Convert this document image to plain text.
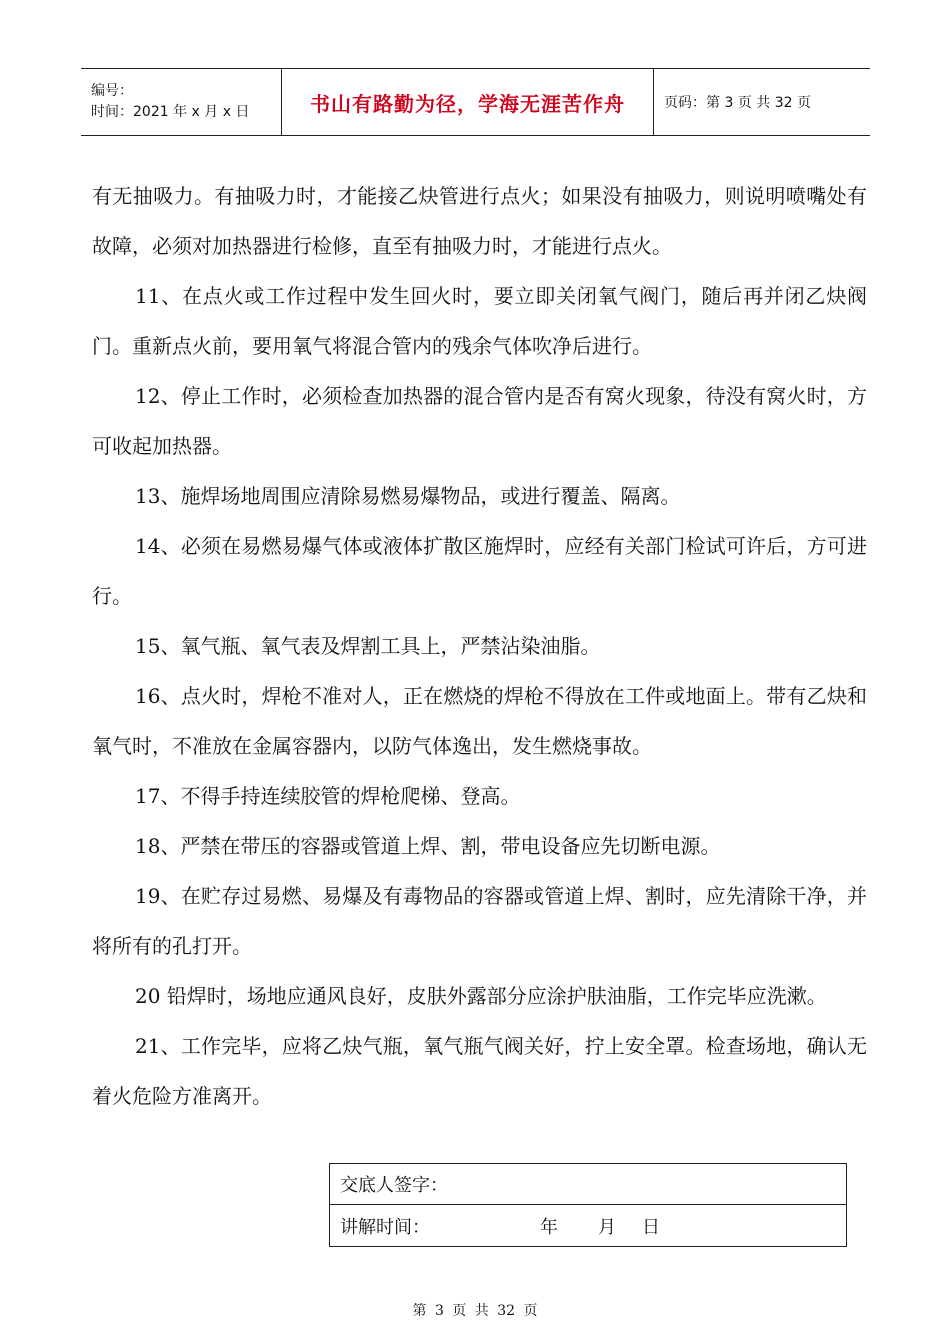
编号：
时间：2021 年 x 月 x 日	书山有路勤为径，学海无涯苦作舟	页码：第 3 页 共 32 页

有无抽吸力。有抽吸力时，才能接乙炔管进行点火；如果没有抽吸力，则说明喷嘴处有故障，必须对加热器进行检修，直至有抽吸力时，才能进行点火。

11、在点火或工作过程中发生回火时，要立即关闭氧气阀门，随后再并闭乙炔阀门。重新点火前，要用氧气将混合管内的残余气体吹净后进行。

12、停止工作时，必须检查加热器的混合管内是否有窝火现象，待没有窝火时，方可收起加热器。

13、施焊场地周围应清除易燃易爆物品，或进行覆盖、隔离。

14、必须在易燃易爆气体或液体扩散区施焊时，应经有关部门检试可许后，方可进行。

15、氧气瓶、氧气表及焊割工具上，严禁沾染油脂。

16、点火时，焊枪不准对人，正在燃烧的焊枪不得放在工件或地面上。带有乙炔和氧气时，不准放在金属容器内，以防气体逸出，发生燃烧事故。

17、不得手持连续胶管的焊枪爬梯、登高。

18、严禁在带压的容器或管道上焊、割，带电设备应先切断电源。

19、在贮存过易燃、易爆及有毒物品的容器或管道上焊、割时，应先清除干净，并将所有的孔打开。

20 铅焊时，场地应通风良好，皮肤外露部分应涂护肤油脂，工作完毕应洗漱。

21、工作完毕，应将乙炔气瓶，氧气瓶气阀关好，拧上安全罩。检查场地，确认无着火危险方准离开。

交底人签字：
讲解时间：	年 月 日
第 3 页 共 32 页
